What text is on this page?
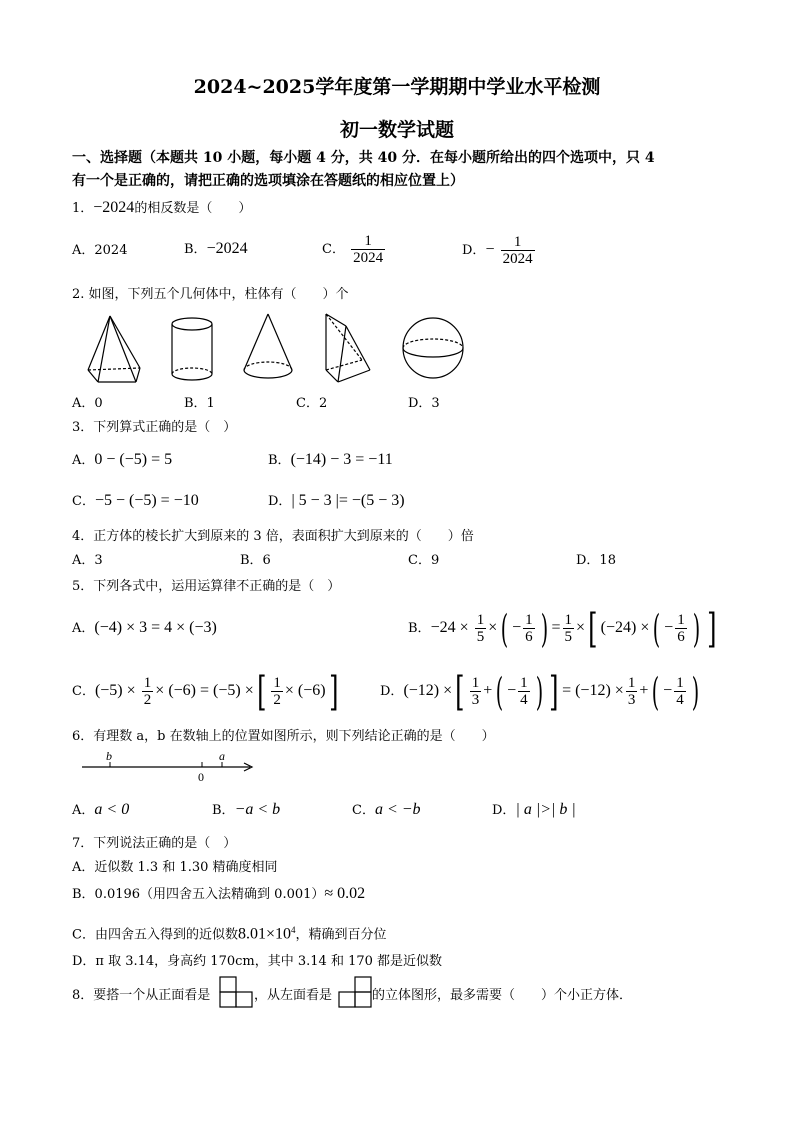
2024~2025学年度第一学期期中学业水平检测
初一数学试题
一、选择题（本题共 10 小题，每小题 4 分，共 40 分．在每小题所给出的四个选项中，只 4
有一个是正确的，请把正确的选项填涂在答题纸的相应位置上）
1．−2024的相反数是（　　）
A．2024	B．−2024	C． $\frac{1}{2024}$	D．− $\frac{1}{2024}$
2. 如图，下列五个几何体中，柱体有（　　）个
A．0	B．1	C．2	D．3
3．下列算式正确的是（　）
A．0 − (−5) = 5	B．(−14) − 3 = −11
C．−5 − (−5) = −10	D．| 5 − 3 |= −(5 − 3)
4．正方体的棱长扩大到原来的 3 倍，表面积扩大到原来的（　　）倍
A．3	B．6	C．9	D．18
5．下列各式中，运用运算律不正确的是（　）
A．(−4) × 3 = 4 × (−3)	B．$-24 \times \frac{1}{5}$ ×( − $\frac{1}{6}$ ) = $\frac{1}{5}$ ×[ (−24) ×( − $\frac{1}{6}$ ) ]
C．$(-5) \times \frac{1}{2} \times (-6) = (-5)$ ×[ $\frac{1}{2} \times (-6)$]	D．(−12) ×[ $\frac{1}{3}$ +( − $\frac{1}{4}$ ) ] = $(-12) \times \frac{1}{3}$ +( − $\frac{1}{4}$ )
6．有理数 a，b 在数轴上的位置如图所示，则下列结论正确的是（　　）
b
0
a
A．a < 0	B．−a < b	C．a < −b	D．| a |>| b |
7．下列说法正确的是（　）
A．近似数 1.3 和 1.30 精确度相同
B．0.0196（用四舍五入法精确到 0.001）≈ 0.02
C．由四舍五入得到的近似数$8.01\times 10^4$，精确到百分位
D．π 取 3.14，身高约 170cm，其中 3.14 和 170 都是近似数
8．要搭一个从正面看是	，从左面看是	的立体图形，最多需要（　　）个小正方体．
